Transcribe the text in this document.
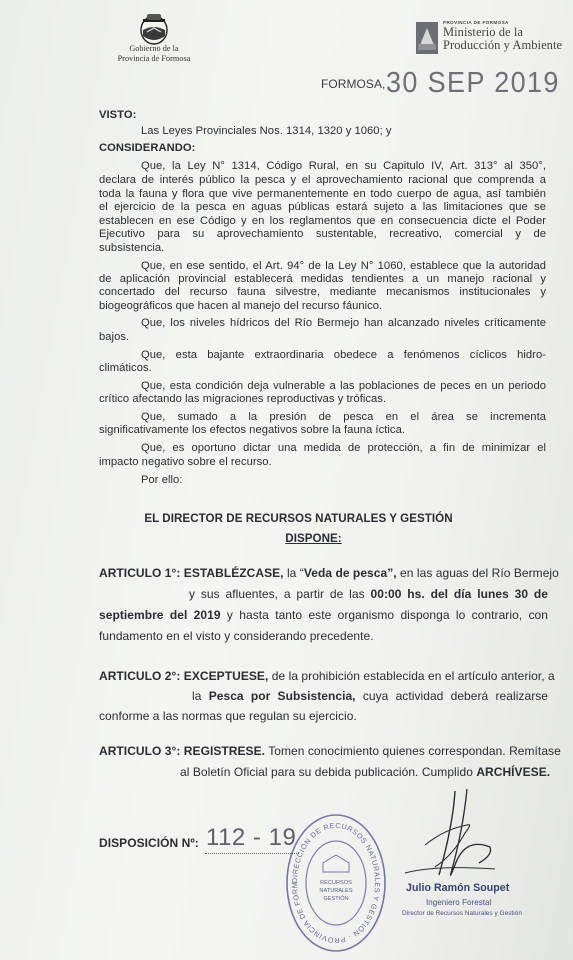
Gobierno de la
Provincia de Formosa
PROVINCIA DE FORMOSA
Ministerio de la
Producción y Ambiente
FORMOSA, 30 SEP 2019
VISTO:
Las Leyes Provinciales Nos. 1314, 1320 y 1060; y
CONSIDERANDO:
Que, la Ley N° 1314, Código Rural, en su Capitulo IV, Art. 313° al 350°,
declara de interés público la pesca y el aprovechamiento racional que comprenda a
toda la fauna y flora que vive permanentemente en todo cuerpo de agua, así también
el ejercicio de la pesca en aguas públicas estará sujeto a las limitaciones que se
establecen en ese Código y en los reglamentos que en consecuencia dicte el Poder
Ejecutivo para su aprovechamiento sustentable, recreativo, comercial y de
subsistencia.
Que, en ese sentido, el Art. 94° de la Ley N° 1060, establece que la autoridad
de aplicación provincial establecerá medidas tendientes a un manejo racional y
concertado del recurso fauna silvestre, mediante mecanismos institucionales y
biogeográficos que hacen al manejo del recurso fáunico.
Que, los niveles hídricos del Río Bermejo han alcanzado niveles críticamente
bajos.
Que, esta bajante extraordinaria obedece a fenómenos cíclicos hidro-
climáticos.
Que, esta condición deja vulnerable a las poblaciones de peces en un periodo
crítico afectando las migraciones reproductivas y tróficas.
Que, sumado a la presión de pesca en el área se incrementa
significativamente los efectos negativos sobre la fauna íctica.
Que, es oportuno dictar una medida de protección, a fin de minimizar el
impacto negativo sobre el recurso.
Por ello:
EL DIRECTOR DE RECURSOS NATURALES Y GESTIÓN
DISPONE:
ARTICULO 1°: ESTABLÉZCASE, la “Veda de pesca”, en las aguas del Río Bermejo
y sus afluentes, a partir de las 00:00 hs. del día lunes 30 de
septiembre del 2019 y hasta tanto este organismo disponga lo contrario, con
fundamento en el visto y considerando precedente.
ARTICULO 2°: EXCEPTUESE, de la prohibición establecida en el artículo anterior, a
la Pesca por Subsistencia, cuya actividad deberá realizarse
conforme a las normas que regulan su ejercicio.
ARTICULO 3°: REGISTRESE. Tomen conocimiento quienes correspondan. Remítase
al Boletín Oficial para su debida publicación. Cumplido ARCHÍVESE.
DISPOSICIÓN Nº: 112 - 19
DIRECCIÓN DE RECURSOS NATURALES Y GESTIÓN · PROVINCIA DE FORM	RECURSOS
NATURALES
GESTIÓN
Julio Ramón Soupet
Ingeniero Forestal
Director de Recursos Naturales y Gestión
